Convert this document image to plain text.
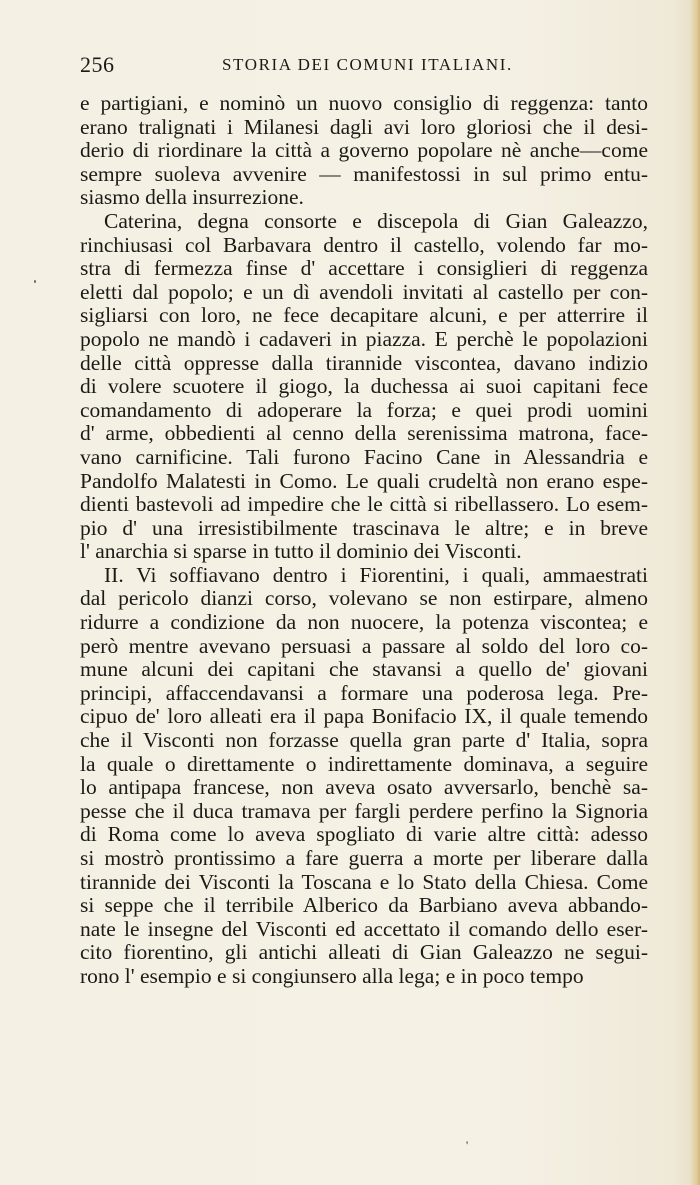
256	STORIA DEI COMUNI ITALIANI.
e partigiani, e nominò un nuovo consiglio di reggenza: tanto
erano tralignati i Milanesi dagli avi loro gloriosi che il desi-
derio di riordinare la città a governo popolare nè anche—come
sempre suoleva avvenire — manifestossi in sul primo entu-
siasmo della insurrezione.
Caterina, degna consorte e discepola di Gian Galeazzo,
rinchiusasi col Barbavara dentro il castello, volendo far mo-
stra di fermezza finse d' accettare i consiglieri di reggenza
eletti dal popolo; e un dì avendoli invitati al castello per con-
sigliarsi con loro, ne fece decapitare alcuni, e per atterrire il
popolo ne mandò i cadaveri in piazza. E perchè le popolazioni
delle città oppresse dalla tirannide viscontea, davano indizio
di volere scuotere il giogo, la duchessa ai suoi capitani fece
comandamento di adoperare la forza; e quei prodi uomini
d' arme, obbedienti al cenno della serenissima matrona, face-
vano carnificine. Tali furono Facino Cane in Alessandria e
Pandolfo Malatesti in Como. Le quali crudeltà non erano espe-
dienti bastevoli ad impedire che le città si ribellassero. Lo esem-
pio d' una irresistibilmente trascinava le altre; e in breve
l' anarchia si sparse in tutto il dominio dei Visconti.
II. Vi soffiavano dentro i Fiorentini, i quali, ammaestrati
dal pericolo dianzi corso, volevano se non estirpare, almeno
ridurre a condizione da non nuocere, la potenza viscontea; e
però mentre avevano persuasi a passare al soldo del loro co-
mune alcuni dei capitani che stavansi a quello de' giovani
principi, affaccendavansi a formare una poderosa lega. Pre-
cipuo de' loro alleati era il papa Bonifacio IX, il quale temendo
che il Visconti non forzasse quella gran parte d' Italia, sopra
la quale o direttamente o indirettamente dominava, a seguire
lo antipapa francese, non aveva osato avversarlo, benchè sa-
pesse che il duca tramava per fargli perdere perfino la Signoria
di Roma come lo aveva spogliato di varie altre città: adesso
si mostrò prontissimo a fare guerra a morte per liberare dalla
tirannide dei Visconti la Toscana e lo Stato della Chiesa. Come
si seppe che il terribile Alberico da Barbiano aveva abbando-
nate le insegne del Visconti ed accettato il comando dello eser-
cito fiorentino, gli antichi alleati di Gian Galeazzo ne segui-
rono l' esempio e si congiunsero alla lega; e in poco tempo
'
